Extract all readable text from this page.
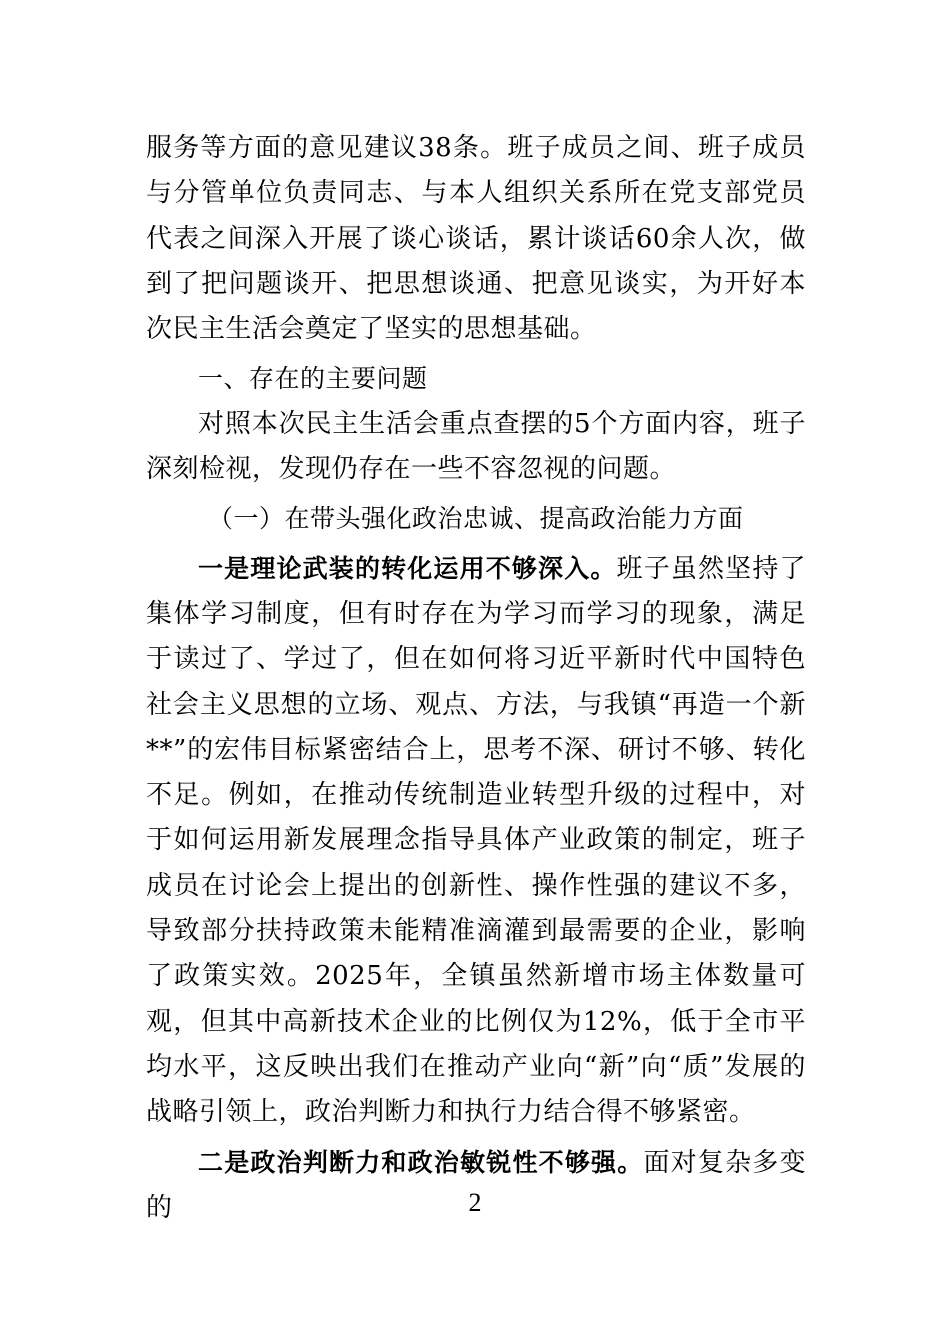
服务等方面的意见建议38条。班子成员之间、班子成员与分管单位负责同志、与本人组织关系所在党支部党员代表之间深入开展了谈心谈话，累计谈话60余人次，做到了把问题谈开、把思想谈通、把意见谈实，为开好本次民主生活会奠定了坚实的思想基础。

一、存在的主要问题

对照本次民主生活会重点查摆的5个方面内容，班子深刻检视，发现仍存在一些不容忽视的问题。

（一）在带头强化政治忠诚、提高政治能力方面

一是理论武装的转化运用不够深入。班子虽然坚持了集体学习制度，但有时存在为学习而学习的现象，满足于读过了、学过了，但在如何将习近平新时代中国特色社会主义思想的立场、观点、方法，与我镇“再造一个新**”的宏伟目标紧密结合上，思考不深、研讨不够、转化不足。例如，在推动传统制造业转型升级的过程中，对于如何运用新发展理念指导具体产业政策的制定，班子成员在讨论会上提出的创新性、操作性强的建议不多，导致部分扶持政策未能精准滴灌到最需要的企业，影响了政策实效。2025年，全镇虽然新增市场主体数量可观，但其中高新技术企业的比例仅为12%，低于全市平均水平，这反映出我们在推动产业向“新”向“质”发展的战略引领上，政治判断力和执行力结合得不够紧密。

二是政治判断力和政治敏锐性不够强。面对复杂多变的	2
